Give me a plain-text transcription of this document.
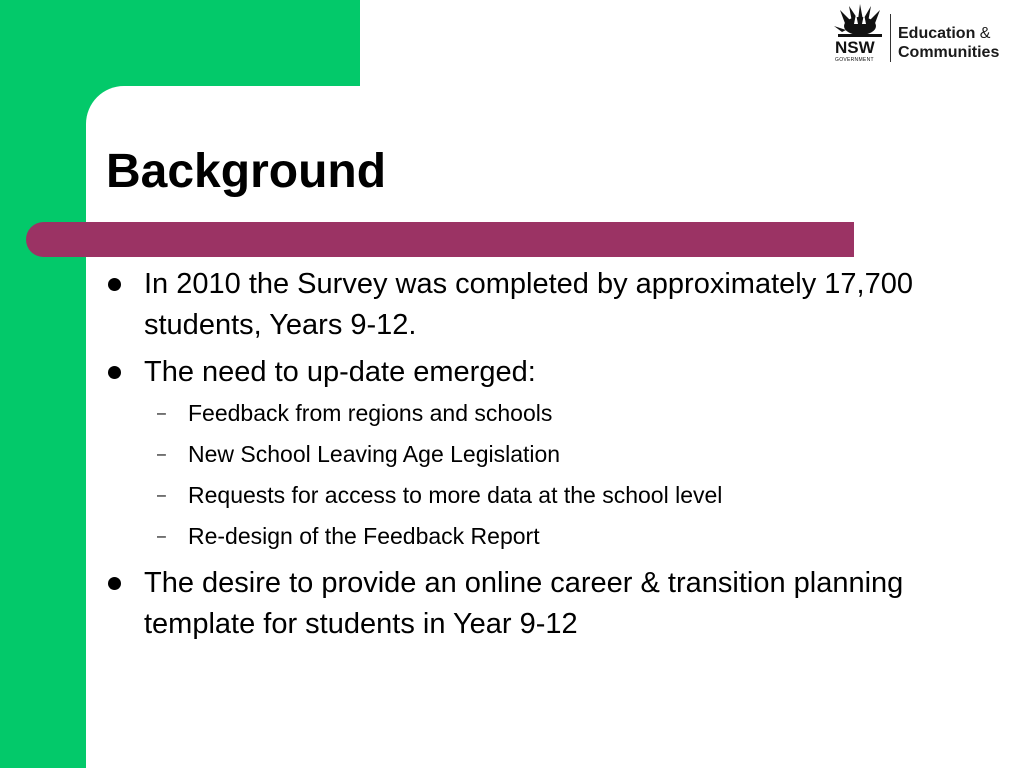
NSW
GOVERNMENT
Education &
Communities
Background
In 2010 the Survey was completed by approximately 17,700 students, Years 9-12.
The need to up-date emerged:
– Feedback from regions and schools
– New School Leaving Age Legislation
– Requests for access to more data at the school level
– Re-design of the Feedback Report
The desire to provide an online career & transition planning template for students in Year 9-12
